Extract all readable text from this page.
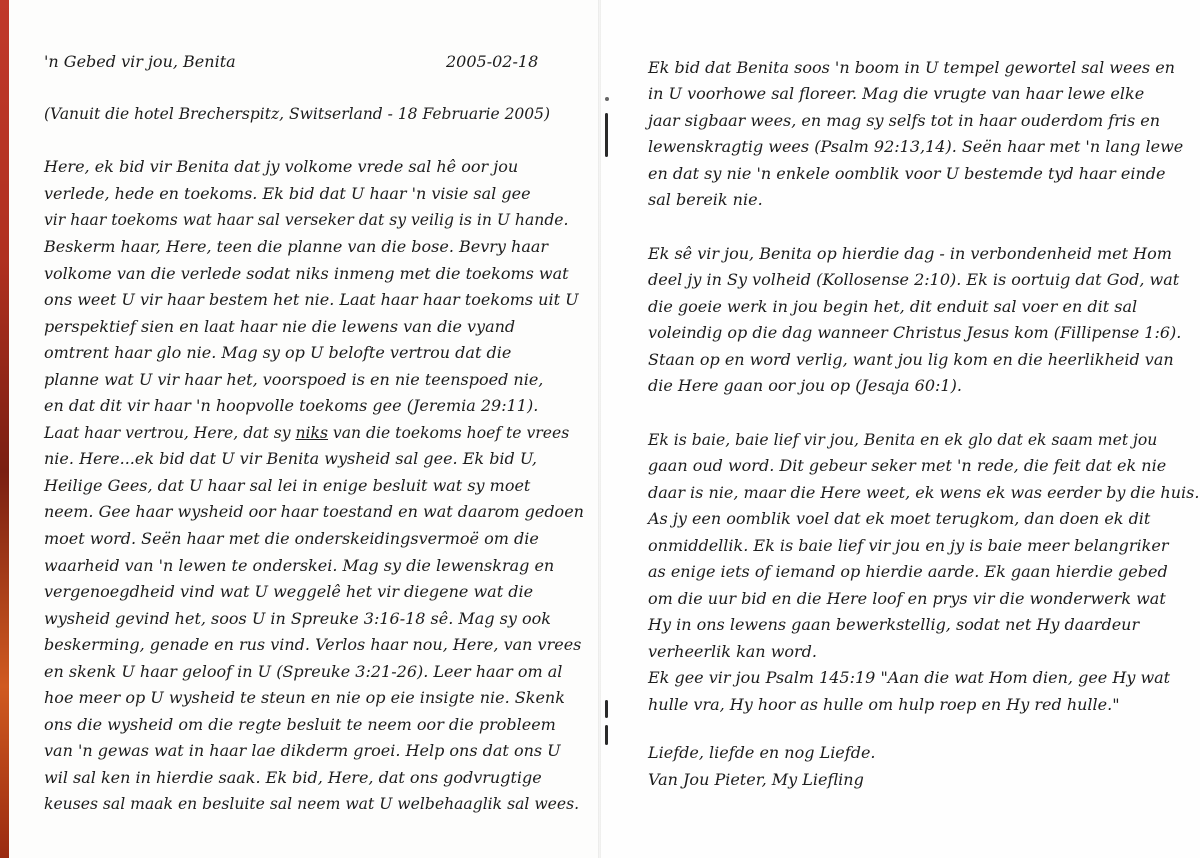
'n Gebed vir jou, Benita	2005-02-18
(Vanuit die hotel Brecherspitz, Switserland - 18 Februarie 2005)
Here, ek bid vir Benita dat jy volkome vrede sal hê oor jou
verlede, hede en toekoms. Ek bid dat U haar 'n visie sal gee
vir haar toekoms wat haar sal verseker dat sy veilig is in U hande.
Beskerm haar, Here, teen die planne van die bose. Bevry haar
volkome van die verlede sodat niks inmeng met die toekoms wat
ons weet U vir haar bestem het nie. Laat haar haar toekoms uit U
perspektief sien en laat haar nie die lewens van die vyand
omtrent haar glo nie. Mag sy op U belofte vertrou dat die
planne wat U vir haar het, voorspoed is en nie teenspoed nie,
en dat dit vir haar 'n hoopvolle toekoms gee (Jeremia 29:11).
Laat haar vertrou, Here, dat sy niks van die toekoms hoef te vrees
nie. Here...ek bid dat U vir Benita wysheid sal gee. Ek bid U,
Heilige Gees, dat U haar sal lei in enige besluit wat sy moet
neem. Gee haar wysheid oor haar toestand en wat daarom gedoen
moet word. Seën haar met die onderskeidingsvermoë om die
waarheid van 'n lewen te onderskei. Mag sy die lewenskrag en
vergenoegdheid vind wat U weggelê het vir diegene wat die
wysheid gevind het, soos U in Spreuke 3:16-18 sê. Mag sy ook
beskerming, genade en rus vind. Verlos haar nou, Here, van vrees
en skenk U haar geloof in U (Spreuke 3:21-26). Leer haar om al
hoe meer op U wysheid te steun en nie op eie insigte nie. Skenk
ons die wysheid om die regte besluit te neem oor die probleem
van 'n gewas wat in haar lae dikderm groei. Help ons dat ons U
wil sal ken in hierdie saak. Ek bid, Here, dat ons godvrugtige
keuses sal maak en besluite sal neem wat U welbehaaglik sal wees.
Ek bid dat Benita soos 'n boom in U tempel gewortel sal wees en
in U voorhowe sal floreer. Mag die vrugte van haar lewe elke
jaar sigbaar wees, en mag sy selfs tot in haar ouderdom fris en
lewenskragtig wees (Psalm 92:13,14). Seën haar met 'n lang lewe
en dat sy nie 'n enkele oomblik voor U bestemde tyd haar einde
sal bereik nie.
Ek sê vir jou, Benita op hierdie dag - in verbondenheid met Hom
deel jy in Sy volheid (Kollosense 2:10). Ek is oortuig dat God, wat
die goeie werk in jou begin het, dit enduit sal voer en dit sal
voleindig op die dag wanneer Christus Jesus kom (Fillipense 1:6).
Staan op en word verlig, want jou lig kom en die heerlikheid van
die Here gaan oor jou op (Jesaja 60:1).
Ek is baie, baie lief vir jou, Benita en ek glo dat ek saam met jou
gaan oud word. Dit gebeur seker met 'n rede, die feit dat ek nie
daar is nie, maar die Here weet, ek wens ek was eerder by die huis.
As jy een oomblik voel dat ek moet terugkom, dan doen ek dit
onmiddellik. Ek is baie lief vir jou en jy is baie meer belangriker
as enige iets of iemand op hierdie aarde. Ek gaan hierdie gebed
om die uur bid en die Here loof en prys vir die wonderwerk wat
Hy in ons lewens gaan bewerkstellig, sodat net Hy daardeur
verheerlik kan word.
Ek gee vir jou Psalm 145:19 "Aan die wat Hom dien, gee Hy wat
hulle vra, Hy hoor as hulle om hulp roep en Hy red hulle."
Liefde, liefde en nog Liefde.
Van Jou Pieter, My Liefling
